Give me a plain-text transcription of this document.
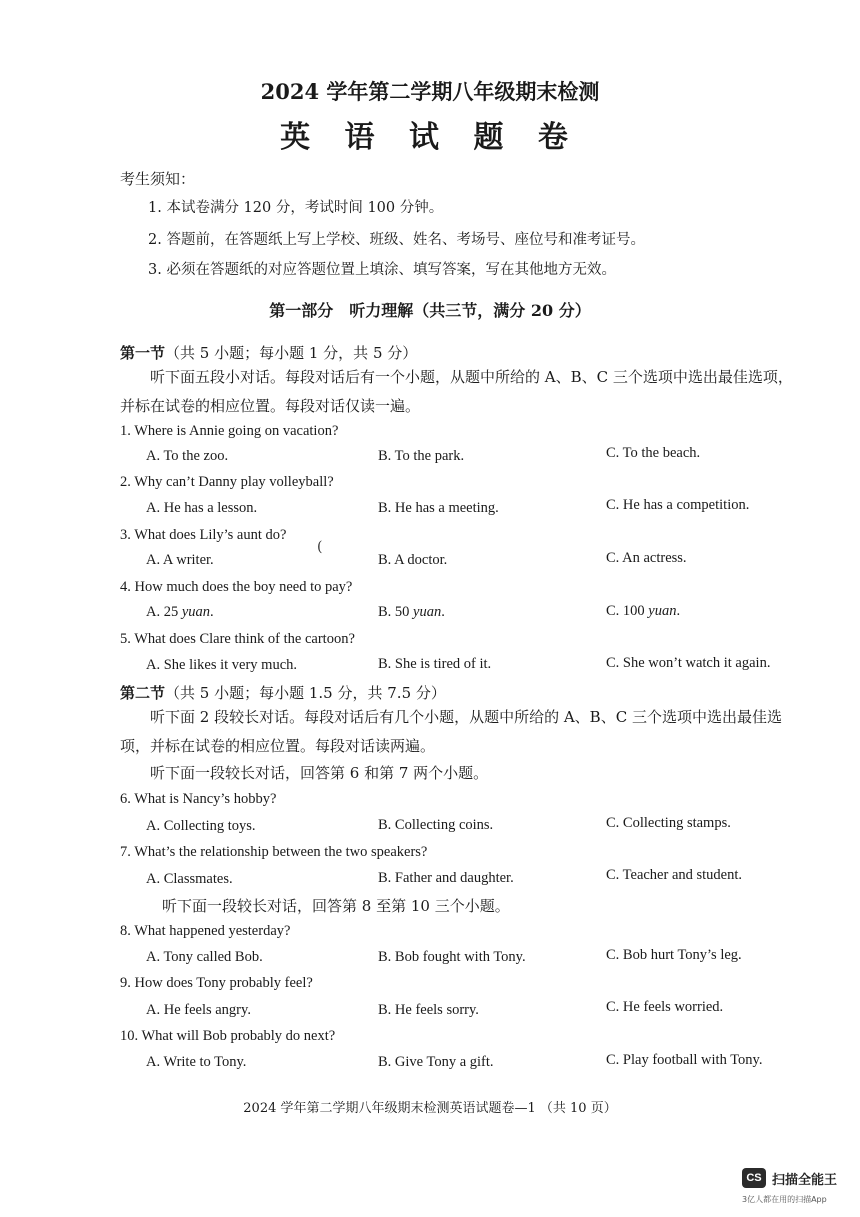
2024 学年第二学期八年级期末检测
英 语 试 题 卷
考生须知：
1. 本试卷满分 120 分，考试时间 100 分钟。
2. 答题前，在答题纸上写上学校、班级、姓名、考场号、座位号和准考证号。
3. 必须在答题纸的对应答题位置上填涂、填写答案，写在其他地方无效。
第一部分　听力理解（共三节，满分 20 分）
第一节（共 5 小题；每小题 1 分，共 5 分）
听下面五段小对话。每段对话后有一个小题，从题中所给的 A、B、C 三个选项中选出最佳选项，
并标在试卷的相应位置。每段对话仅读一遍。
1. Where is Annie going on vacation?
A. To the zoo.	B. To the park.	C. To the beach.
2. Why can’t Danny play volleyball?
A. He has a lesson.	B. He has a meeting.	C. He has a competition.
3. What does Lily’s aunt do?
(
A. A writer.	B. A doctor.	C. An actress.
4. How much does the boy need to pay?
A. 25 yuan.	B. 50 yuan.	C. 100 yuan.
5. What does Clare think of the cartoon?
A. She likes it very much.	B. She is tired of it.	C. She won’t watch it again.
第二节（共 5 小题；每小题 1.5 分，共 7.5 分）
听下面 2 段较长对话。每段对话后有几个小题，从题中所给的 A、B、C 三个选项中选出最佳选
项，并标在试卷的相应位置。每段对话读两遍。
听下面一段较长对话，回答第 6 和第 7 两个小题。
6. What is Nancy’s hobby?
A. Collecting toys.	B. Collecting coins.	C. Collecting stamps.
7. What’s the relationship between the two speakers?
A. Classmates.	B. Father and daughter.	C. Teacher and student.
听下面一段较长对话，回答第 8 至第 10 三个小题。
8. What happened yesterday?
A. Tony called Bob.	B. Bob fought with Tony.	C. Bob hurt Tony’s leg.
9. How does Tony probably feel?
A. He feels angry.	B. He feels sorry.	C. He feels worried.
10. What will Bob probably do next?
A. Write to Tony.	B. Give Tony a gift.	C. Play football with Tony.
2024 学年第二学期八年级期末检测英语试题卷—1 （共 10 页）
CS 扫描全能王
3亿人都在用的扫描App
